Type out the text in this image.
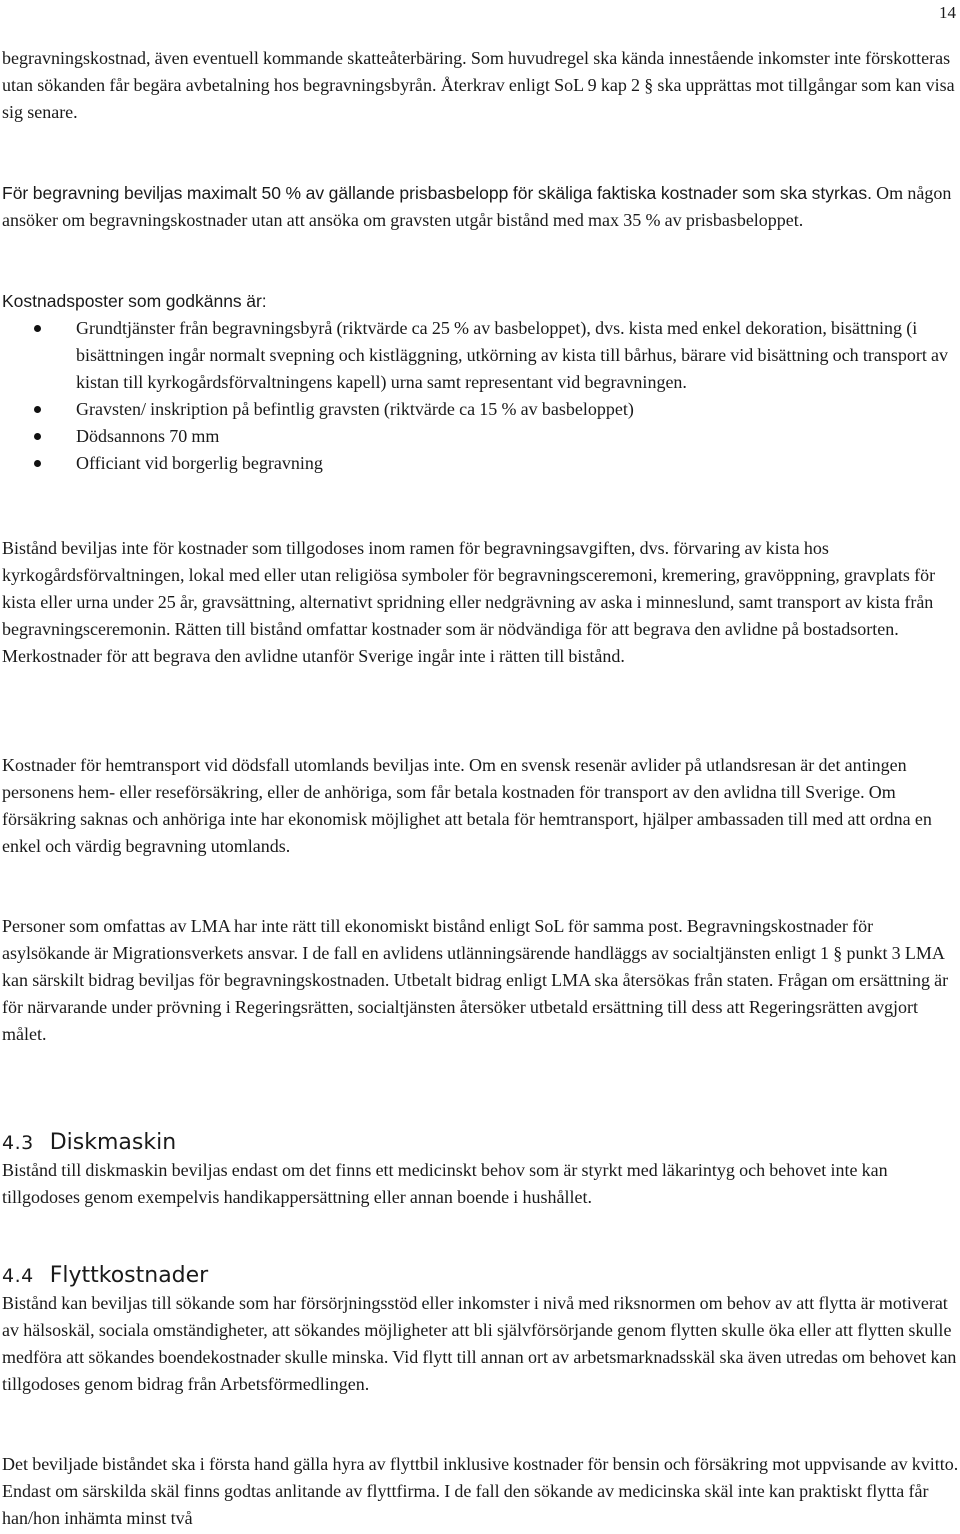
14

begravningskostnad, även eventuell kommande skatteåterbäring. Som huvudregel ska kända innestående inkomster inte förskotteras utan sökanden får begära avbetalning hos begravningsbyrån. Återkrav enligt SoL 9 kap 2 § ska upprättas mot tillgångar som kan visa sig senare.

För begravning beviljas maximalt 50 % av gällande prisbasbelopp för skäliga faktiska kostnader som ska styrkas. Om någon ansöker om begravningskostnader utan att ansöka om gravsten utgår bistånd med max 35 % av prisbasbeloppet.

Kostnadsposter som godkänns är:

Grundtjänster från begravningsbyrå (riktvärde ca 25 % av basbeloppet), dvs. kista med enkel dekoration, bisättning (i bisättningen ingår normalt svepning och kistläggning, utkörning av kista till bårhus, bärare vid bisättning och transport av kistan till kyrkogårdsförvaltningens kapell) urna samt representant vid begravningen.
Gravsten/ inskription på befintlig gravsten (riktvärde ca 15 % av basbeloppet)
Dödsannons 70 mm
Officiant vid borgerlig begravning

Bistånd beviljas inte för kostnader som tillgodoses inom ramen för begravningsavgiften, dvs. förvaring av kista hos kyrkogårdsförvaltningen, lokal med eller utan religiösa symboler för begravningsceremoni, kremering, gravöppning, gravplats för kista eller urna under 25 år, gravsättning, alternativt spridning eller nedgrävning av aska i minneslund, samt transport av kista från begravningsceremonin. Rätten till bistånd omfattar kostnader som är nödvändiga för att begrava den avlidne på bostadsorten. Merkostnader för att begrava den avlidne utanför Sverige ingår inte i rätten till bistånd.

Kostnader för hemtransport vid dödsfall utomlands beviljas inte. Om en svensk resenär avlider på utlandsresan är det antingen personens hem- eller reseförsäkring, eller de anhöriga, som får betala kostnaden för transport av den avlidna till Sverige. Om försäkring saknas och anhöriga inte har ekonomisk möjlighet att betala för hemtransport, hjälper ambassaden till med att ordna en enkel och värdig begravning utomlands.

Personer som omfattas av LMA har inte rätt till ekonomiskt bistånd enligt SoL för samma post. Begravningskostnader för asylsökande är Migrationsverkets ansvar. I de fall en avlidens utlänningsärende handläggs av socialtjänsten enligt 1 § punkt 3 LMA kan särskilt bidrag beviljas för begravningskostnaden. Utbetalt bidrag enligt LMA ska återsökas från staten. Frågan om ersättning är för närvarande under prövning i Regeringsrätten, socialtjänsten återsöker utbetald ersättning till dess att Regeringsrätten avgjort målet.

4.3 Diskmaskin

Bistånd till diskmaskin beviljas endast om det finns ett medicinskt behov som är styrkt med läkarintyg och behovet inte kan tillgodoses genom exempelvis handikappersättning eller annan boende i hushållet.

4.4 Flyttkostnader

Bistånd kan beviljas till sökande som har försörjningsstöd eller inkomster i nivå med riksnormen om behov av att flytta är motiverat av hälsoskäl, sociala omständigheter, att sökandes möjligheter att bli självförsörjande genom flytten skulle öka eller att flytten skulle medföra att sökandes boendekostnader skulle minska. Vid flytt till annan ort av arbetsmarknadsskäl ska även utredas om behovet kan tillgodoses genom bidrag från Arbetsförmedlingen.

Det beviljade biståndet ska i första hand gälla hyra av flyttbil inklusive kostnader för bensin och försäkring mot uppvisande av kvitto. Endast om särskilda skäl finns godtas anlitande av flyttfirma. I de fall den sökande av medicinska skäl inte kan praktiskt flytta får han/hon inhämta minst två
